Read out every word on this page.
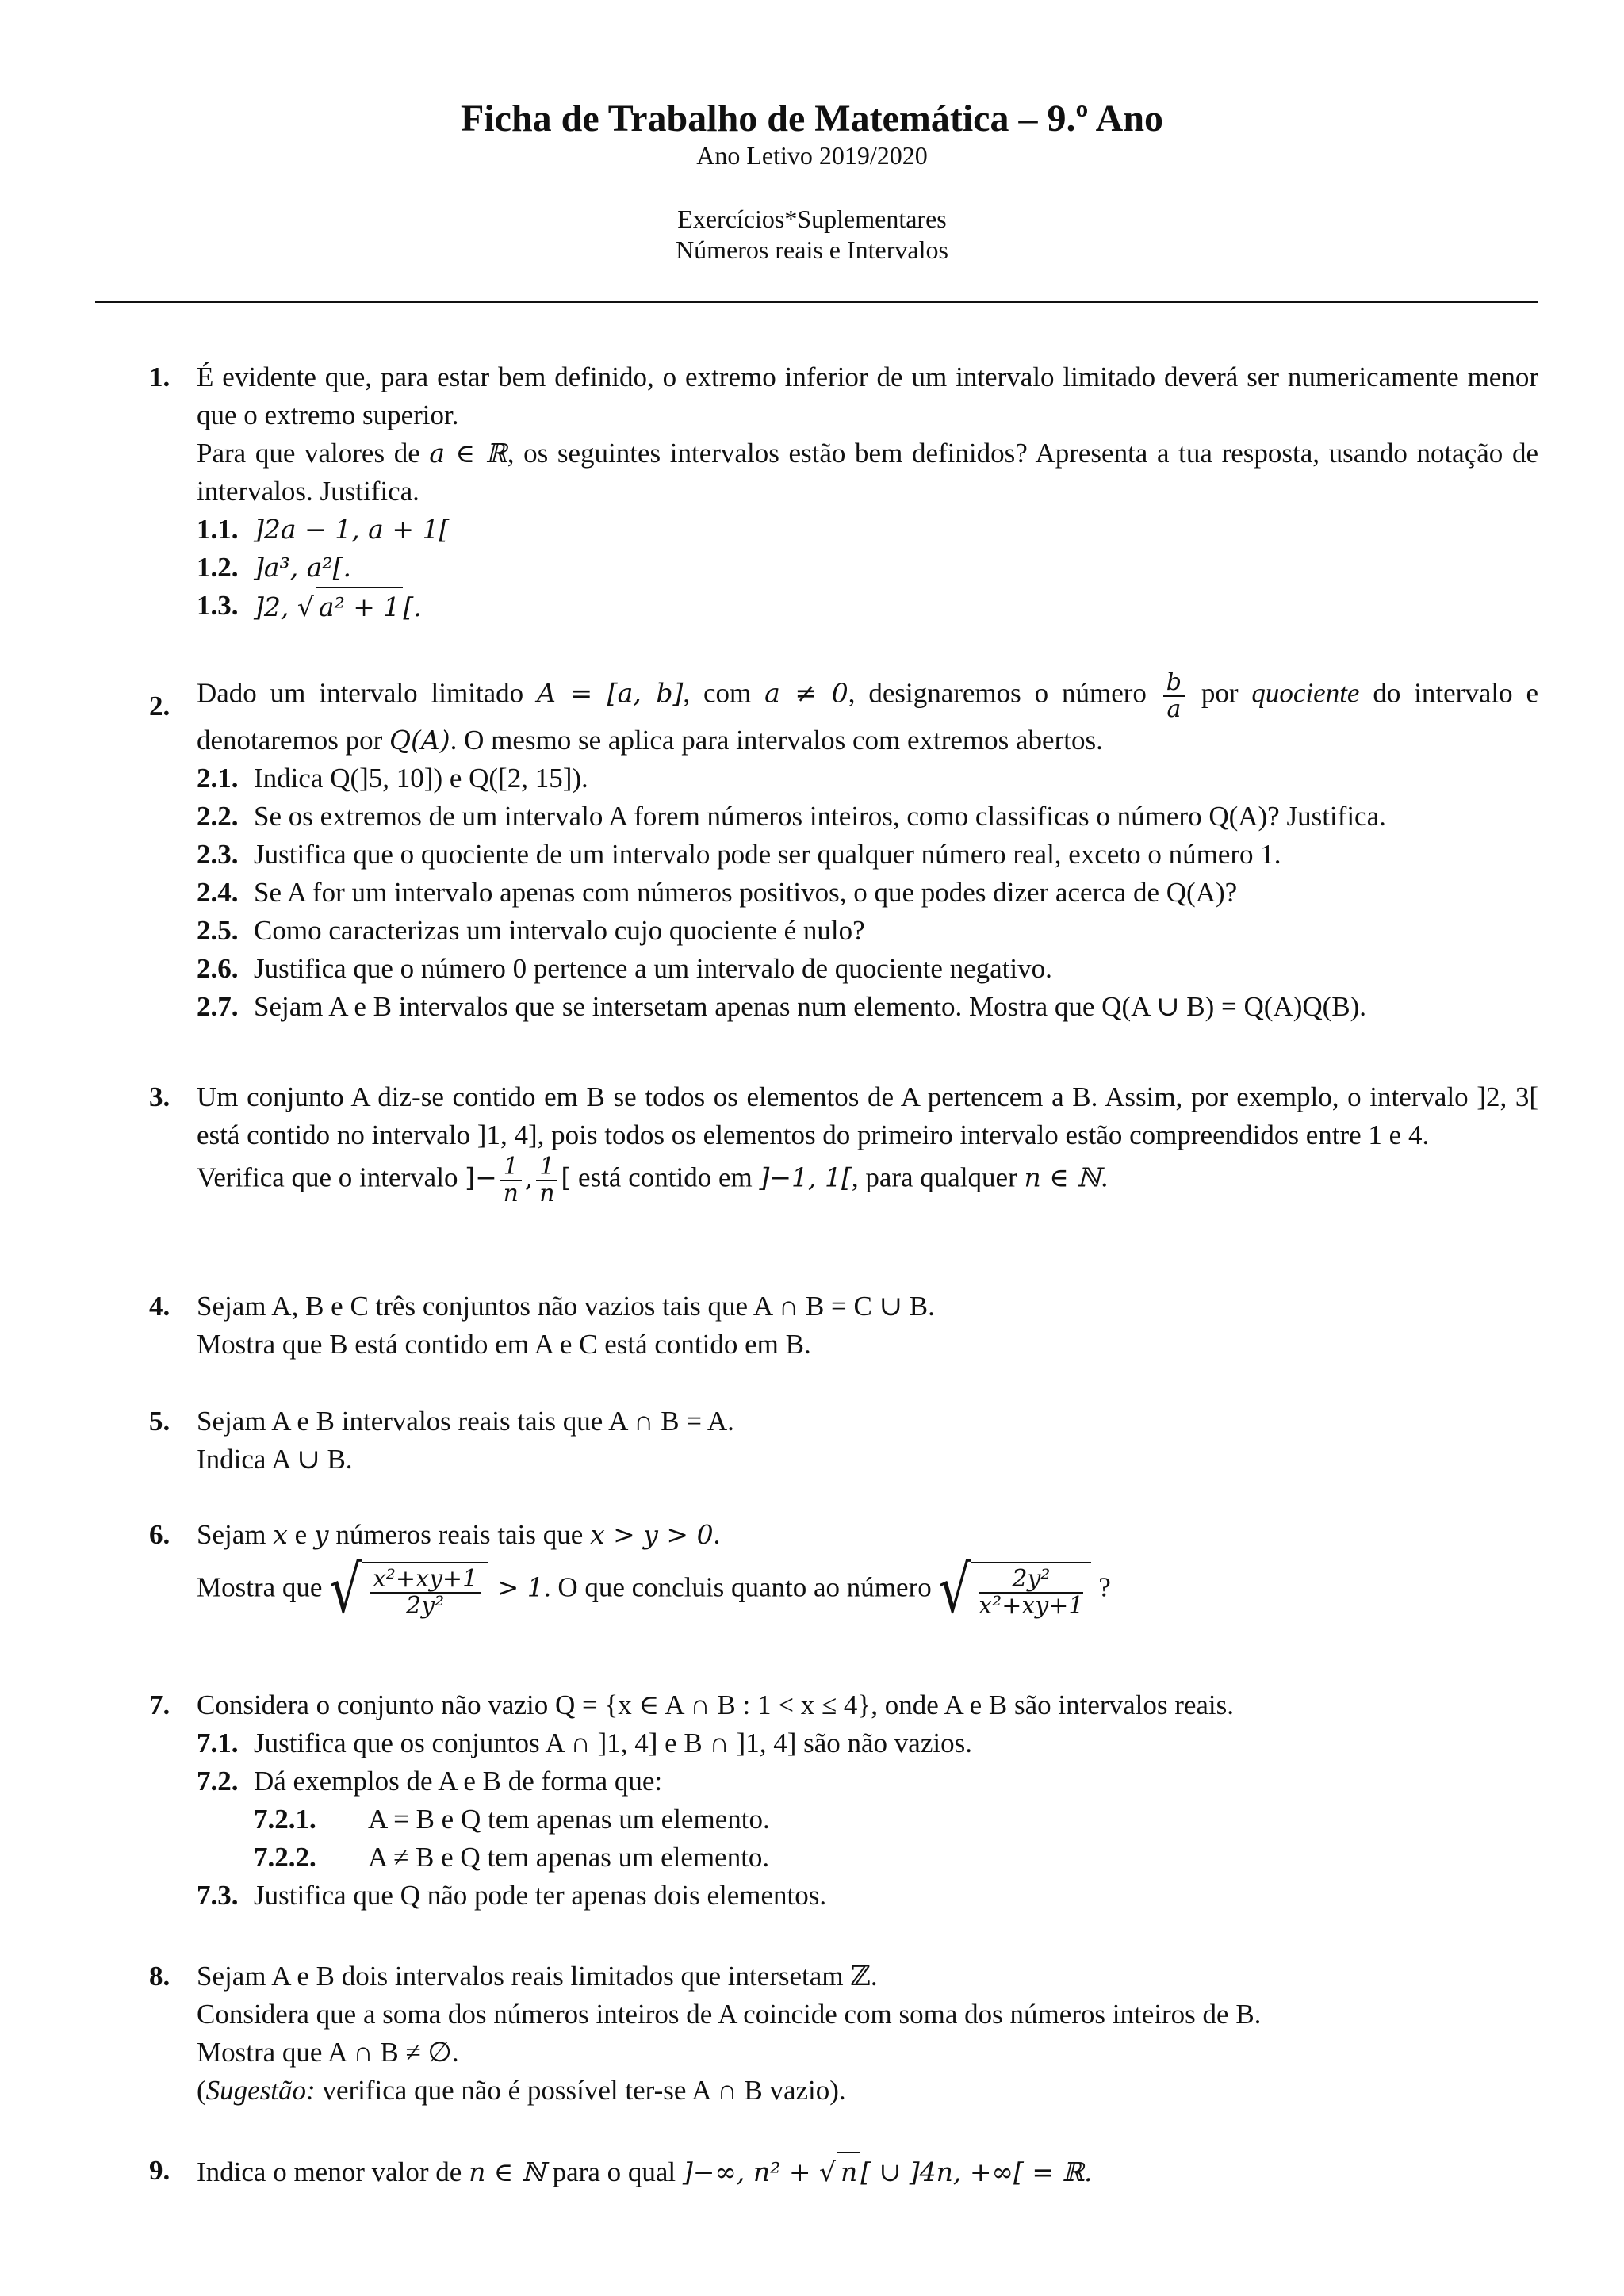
Ficha de Trabalho de Matemática – 9.º Ano
Ano Letivo 2019/2020
Exercícios*Suplementares
Números reais e Intervalos
1. É evidente que, para estar bem definido, o extremo inferior de um intervalo limitado deverá ser numericamente menor que o extremo superior.
Para que valores de a ∈ ℝ, os seguintes intervalos estão bem definidos? Apresenta a tua resposta, usando notação de intervalos. Justifica.
1.1. ]2a − 1, a + 1[
1.2. ]a³, a²[.
1.3. ]2, √ a² + 1 [.
2. Dado um intervalo limitado A = [a, b], com a ≠ 0, designaremos o número $\frac{b}{a}$ por quociente do intervalo e denotaremos por Q(A). O mesmo se aplica para intervalos com extremos abertos.
2.1. Indica Q(]5, 10]) e Q([2, 15]).
2.2. Se os extremos de um intervalo A forem números inteiros, como classificas o número Q(A)? Justifica.
2.3. Justifica que o quociente de um intervalo pode ser qualquer número real, exceto o número 1.
2.4. Se A for um intervalo apenas com números positivos, o que podes dizer acerca de Q(A)?
2.5. Como caracterizas um intervalo cujo quociente é nulo?
2.6. Justifica que o número 0 pertence a um intervalo de quociente negativo.
2.7. Sejam A e B intervalos que se intersetam apenas num elemento. Mostra que Q(A ∪ B) = Q(A)Q(B).
3. Um conjunto A diz-se contido em B se todos os elementos de A pertencem a B. Assim, por exemplo, o intervalo ]2, 3[ está contido no intervalo ]1, 4], pois todos os elementos do primeiro intervalo estão compreendidos entre 1 e 4.
Verifica que o intervalo ]− $\frac{1}{n}$ , $\frac{1}{n}$ [ está contido em ]−1, 1[, para qualquer n ∈ ℕ.
4. Sejam A, B e C três conjuntos não vazios tais que A ∩ B = C ∪ B.
Mostra que B está contido em A e C está contido em B.
5. Sejam A e B intervalos reais tais que A ∩ B = A.
Indica A ∪ B.
6. Sejam x e y números reais tais que x > y > 0.
Mostra que √ $\frac{\text{x²+xy+1}}{\text{2y²}} > 1$. O que concluis quanto ao número √ $\frac{\text{2y²}}{\text{x²+xy+1}}$ ?
7. Considera o conjunto não vazio Q = {x ∈ A ∩ B : 1 < x ≤ 4}, onde A e B são intervalos reais.
7.1. Justifica que os conjuntos A ∩ ]1, 4] e B ∩ ]1, 4] são não vazios.
7.2. Dá exemplos de A e B de forma que:
7.2.1. A = B e Q tem apenas um elemento.
7.2.2. A ≠ B e Q tem apenas um elemento.
7.3. Justifica que Q não pode ter apenas dois elementos.
8. Sejam A e B dois intervalos reais limitados que intersetam ℤ.
Considera que a soma dos números inteiros de A coincide com soma dos números inteiros de B.
Mostra que A ∩ B ≠ ∅.
(Sugestão: verifica que não é possível ter-se A ∩ B vazio).
9. Indica o menor valor de n ∈ ℕ para o qual ]−∞, n² + √ n [ ∪ ]4n, +∞[ = ℝ.
